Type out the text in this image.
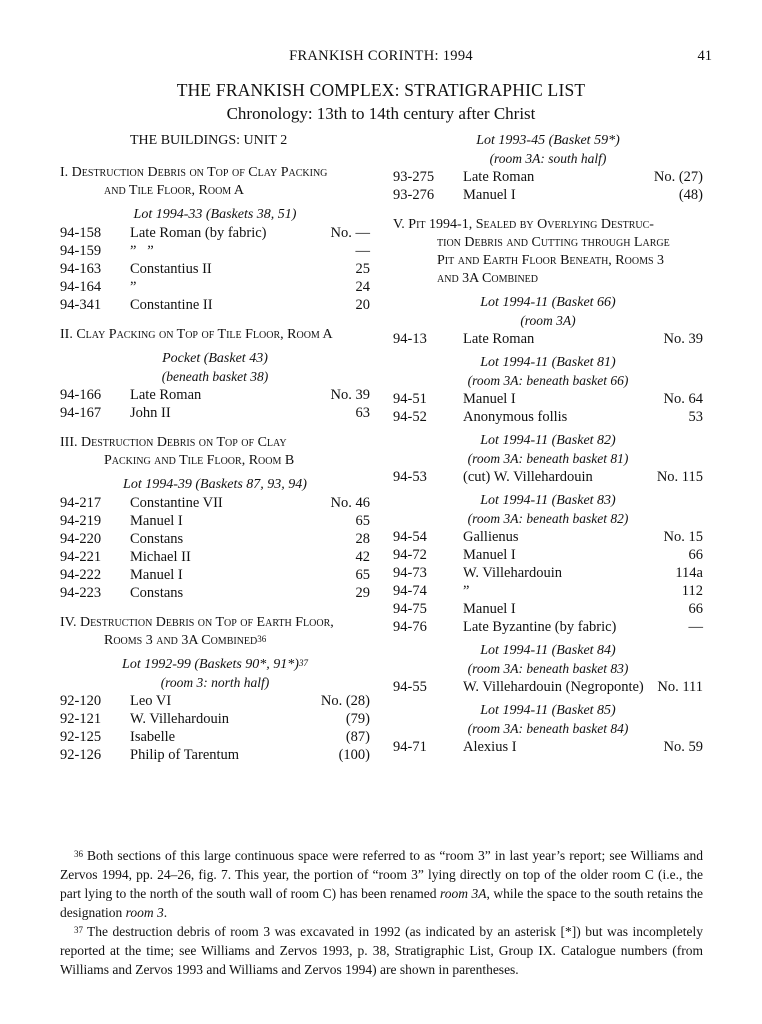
FRANKISH CORINTH: 1994	41
THE FRANKISH COMPLEX: STRATIGRAPHIC LIST
Chronology: 13th to 14th century after Christ
THE BUILDINGS: UNIT 2
I. Destruction Debris on Top of Clay Packing
and Tile Floor, Room A
Lot 1994-33 (Baskets 38, 51)
94-158	Late Roman (by fabric)	No. —
94-159	”   ”	—
94-163	Constantius II	25
94-164	”	24
94-341	Constantine II	20
II. Clay Packing on Top of Tile Floor, Room A
Pocket (Basket 43)
(beneath basket 38)
94-166	Late Roman	No. 39
94-167	John II	63
III. Destruction Debris on Top of Clay
Packing and Tile Floor, Room B
Lot 1994-39 (Baskets 87, 93, 94)
94-217	Constantine VII	No. 46
94-219	Manuel I	65
94-220	Constans	28
94-221	Michael II	42
94-222	Manuel I	65
94-223	Constans	29
IV. Destruction Debris on Top of Earth Floor,
Rooms 3 and 3A Combined$^{36}$
Lot 1992-99 (Baskets 90*, 91*)$^{37}$
(room 3: north half)
92-120	Leo VI	No. (28)
92-121	W. Villehardouin	(79)
92-125	Isabelle	(87)
92-126	Philip of Tarentum	(100)
Lot 1993-45 (Basket 59*)
(room 3A: south half)
93-275	Late Roman	No. (27)
93-276	Manuel I	(48)
V. Pit 1994-1, Sealed by Overlying Destruc-
tion Debris and Cutting through Large
Pit and Earth Floor Beneath, Rooms 3
and 3A Combined
Lot 1994-11 (Basket 66)
(room 3A)
94-13	Late Roman	No. 39
Lot 1994-11 (Basket 81)
(room 3A: beneath basket 66)
94-51	Manuel I	No. 64
94-52	Anonymous follis	53
Lot 1994-11 (Basket 82)
(room 3A: beneath basket 81)
94-53	(cut) W. Villehardouin	No. 115
Lot 1994-11 (Basket 83)
(room 3A: beneath basket 82)
94-54	Gallienus	No. 15
94-72	Manuel I	66
94-73	W. Villehardouin	114a
94-74	”	112
94-75	Manuel I	66
94-76	Late Byzantine (by fabric)	—
Lot 1994-11 (Basket 84)
(room 3A: beneath basket 83)
94-55	W. Villehardouin (Negroponte) No. 111
Lot 1994-11 (Basket 85)
(room 3A: beneath basket 84)
94-71	Alexius I	No. 59

$^{36}$ Both sections of this large continuous space were referred to as “room 3” in last year’s report; see Williams and Zervos 1994, pp. 24–26, fig. 7. This year, the portion of “room 3” lying directly on top of the older room C (i.e., the part lying to the north of the south wall of room C) has been renamed room 3A, while the space to the south retains the designation room 3.

$^{37}$ The destruction debris of room 3 was excavated in 1992 (as indicated by an asterisk [*]) but was incompletely reported at the time; see Williams and Zervos 1993, p. 38, Stratigraphic List, Group IX. Catalogue numbers (from Williams and Zervos 1993 and Williams and Zervos 1994) are shown in parentheses.
